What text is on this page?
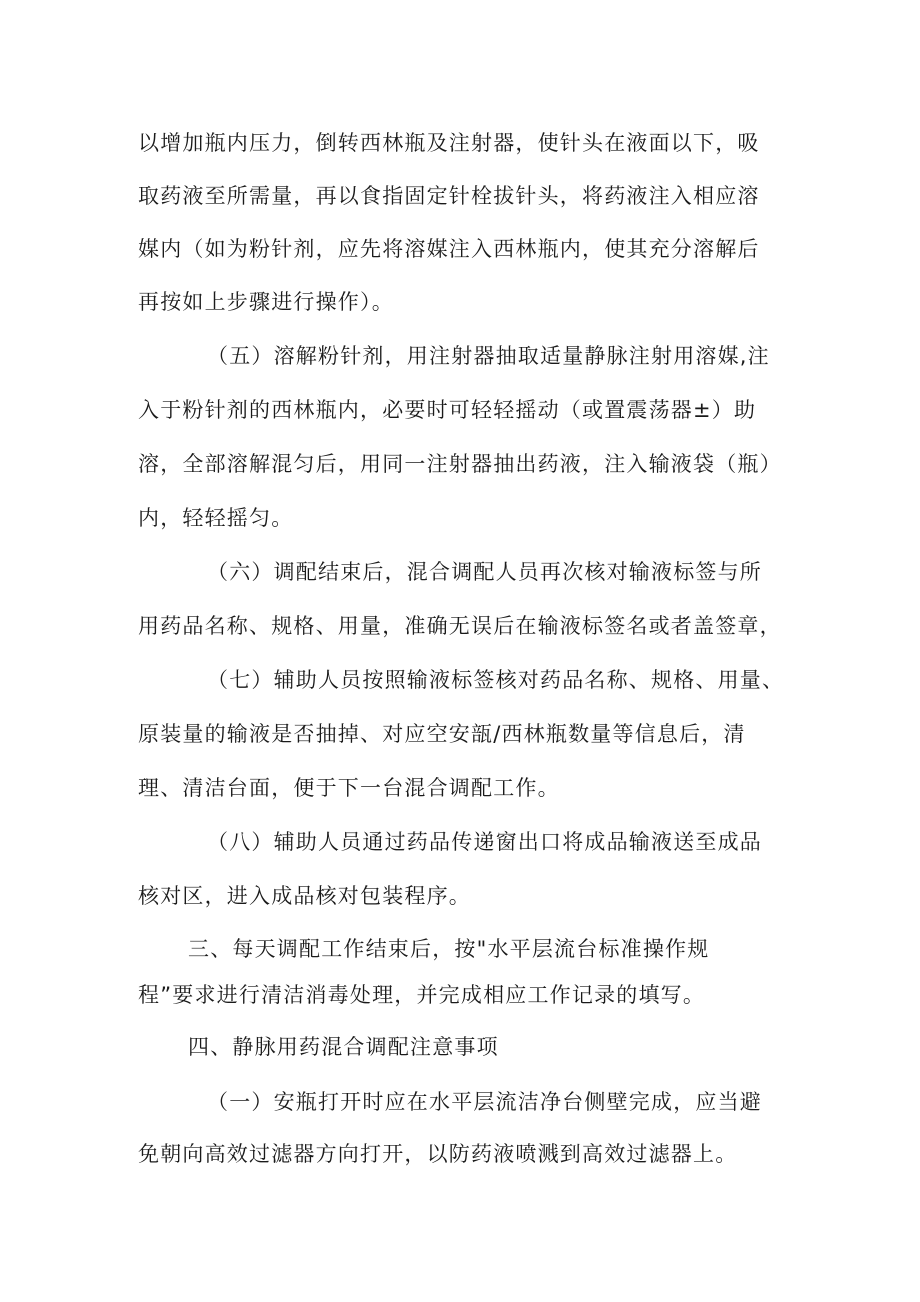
以增加瓶内压力，倒转西林瓶及注射器，使针头在液面以下，吸
取药液至所需量，再以食指固定针栓拔针头，将药液注入相应溶
媒内（如为粉针剂，应先将溶媒注入西林瓶内，使其充分溶解后
再按如上步骤进行操作）。
（五）溶解粉针剂，用注射器抽取适量静脉注射用溶媒,注
入于粉针剂的西林瓶内，必要时可轻轻摇动（或置震荡器±）助
溶，全部溶解混匀后，用同一注射器抽出药液，注入输液袋（瓶）
内，轻轻摇匀。
（六）调配结束后，混合调配人员再次核对输液标签与所
用药品名称、规格、用量，准确无误后在输液标签名或者盖签章，
（七）辅助人员按照输液标签核对药品名称、规格、用量、
原装量的输液是否抽掉、对应空安瓿/西林瓶数量等信息后，清
理、清洁台面，便于下一台混合调配工作。
（八）辅助人员通过药品传递窗出口将成品输液送至成品
核对区，进入成品核对包装程序。
三、每天调配工作结束后，按"水平层流台标准操作规
程”要求进行清洁消毒处理，并完成相应工作记录的填写。
四、静脉用药混合调配注意事项
（一）安瓶打开时应在水平层流洁净台侧壁完成，应当避
免朝向高效过滤器方向打开，以防药液喷溅到高效过滤器上。
